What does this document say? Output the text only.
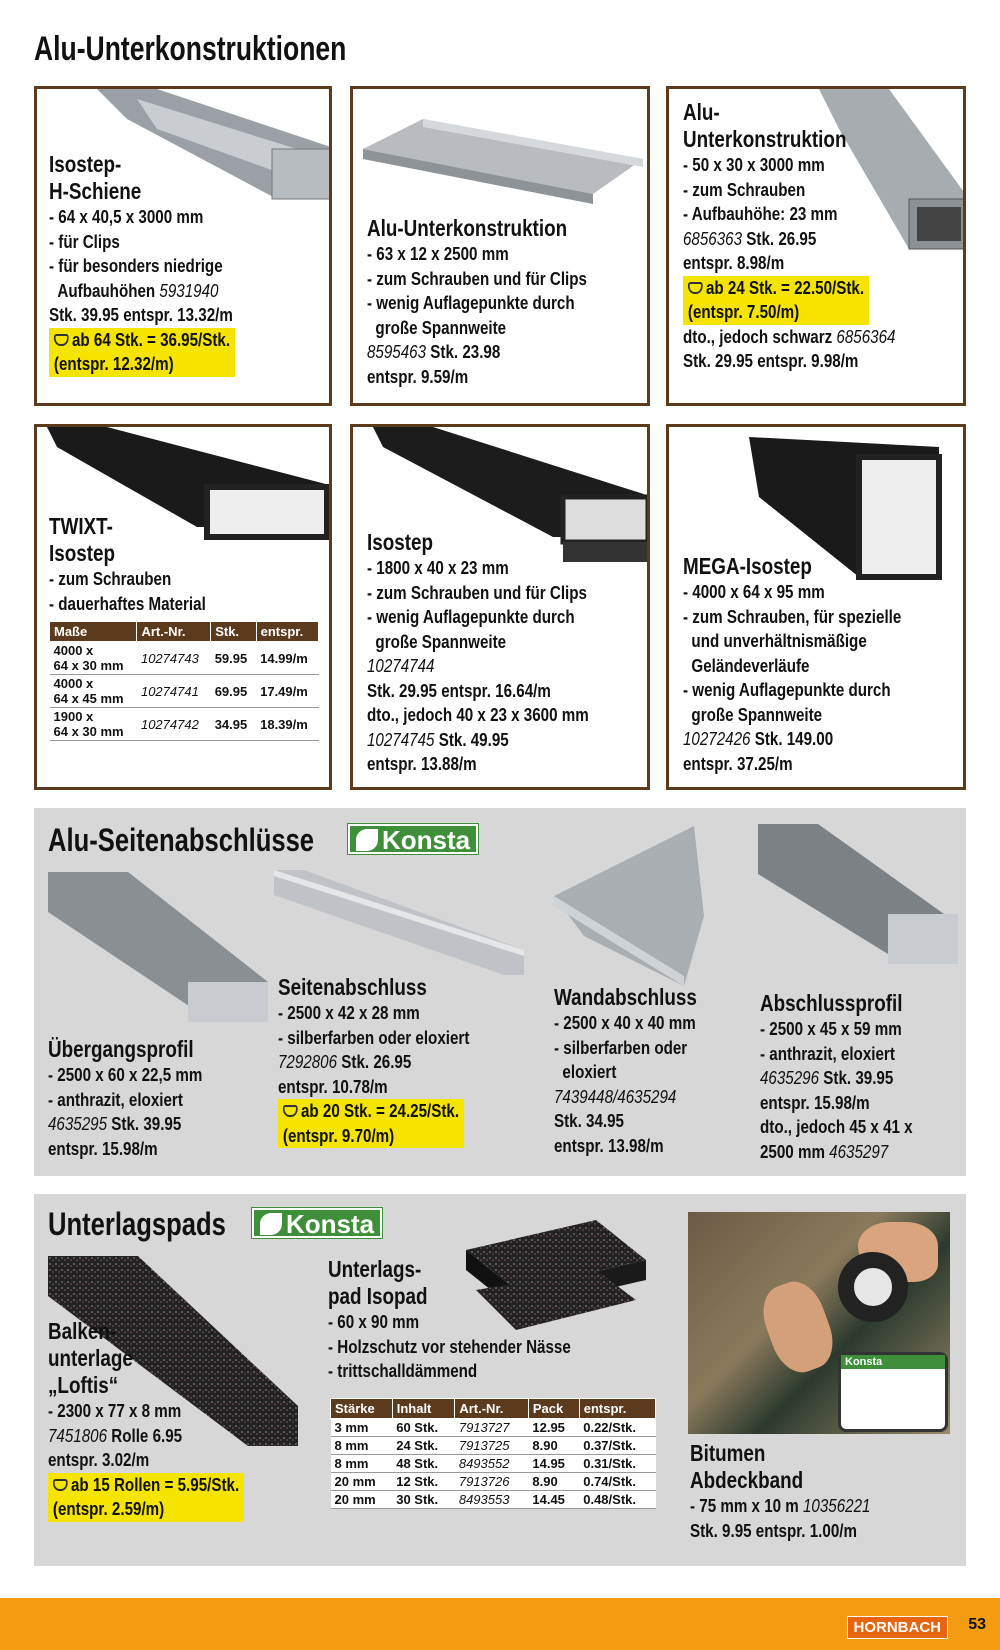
Alu-Unterkonstruktionen
Isostep-
H-Schiene
- 64 x 40,5 x 3000 mm
- für Clips
- für besonders niedrige
Aufbauhöhen 5931940
Stk. 39.95 entspr. 13.32/m
ab 64 Stk. = 36.95/Stk.
(entspr. 12.32/m)
Alu-Unterkonstruktion
- 63 x 12 x 2500 mm
- zum Schrauben und für Clips
- wenig Auflagepunkte durch
große Spannweite
8595463 Stk. 23.98
entspr. 9.59/m
Alu-
Unterkonstruktion
- 50 x 30 x 3000 mm
- zum Schrauben
- Aufbauhöhe: 23 mm
6856363 Stk. 26.95
entspr. 8.98/m
ab 24 Stk. = 22.50/Stk.
(entspr. 7.50/m)
dto., jedoch schwarz 6856364
Stk. 29.95 entspr. 9.98/m
TWIXT-
Isostep
- zum Schrauben
- dauerhaftes Material
Maße	Art.-Nr.	Stk.	entspr.
4000 x
64 x 30 mm	10274743	59.95	14.99/m
4000 x
64 x 45 mm	10274741	69.95	17.49/m
1900 x
64 x 30 mm	10274742	34.95	18.39/m
Isostep
- 1800 x 40 x 23 mm
- zum Schrauben und für Clips
- wenig Auflagepunkte durch
große Spannweite
10274744
Stk. 29.95 entspr. 16.64/m
dto., jedoch 40 x 23 x 3600 mm
10274745 Stk. 49.95
entspr. 13.88/m
MEGA-Isostep
- 4000 x 64 x 95 mm
- zum Schrauben, für spezielle
und unverhältnismäßige
Geländeverläufe
- wenig Auflagepunkte durch
große Spannweite
10272426 Stk. 149.00
entspr. 37.25/m
Alu-Seitenabschlüsse	Konsta
Übergangsprofil
- 2500 x 60 x 22,5 mm
- anthrazit, eloxiert
4635295 Stk. 39.95
entspr. 15.98/m
Seitenabschluss
- 2500 x 42 x 28 mm
- silberfarben oder eloxiert
7292806 Stk. 26.95
entspr. 10.78/m
ab 20 Stk. = 24.25/Stk.
(entspr. 9.70/m)
Wandabschluss
- 2500 x 40 x 40 mm
- silberfarben oder
eloxiert
7439448/4635294
Stk. 34.95
entspr. 13.98/m
Abschlussprofil
- 2500 x 45 x 59 mm
- anthrazit, eloxiert
4635296 Stk. 39.95
entspr. 15.98/m
dto., jedoch 45 x 41 x
2500 mm 4635297
Unterlagspads	Konsta
Balken-
unterlage
„Loftis“
- 2300 x 77 x 8 mm
7451806 Rolle 6.95
entspr. 3.02/m
ab 15 Rollen = 5.95/Stk.
(entspr. 2.59/m)
Unterlags-
pad Isopad
- 60 x 90 mm
- Holzschutz vor stehender Nässe
- trittschalldämmend
Stärke	Inhalt	Art.-Nr.	Pack	entspr.
3 mm	60 Stk.	7913727	12.95	0.22/Stk.
8 mm	24 Stk.	7913725	8.90	0.37/Stk.
8 mm	48 Stk.	8493552	14.95	0.31/Stk.
20 mm	12 Stk.	7913726	8.90	0.74/Stk.
20 mm	30 Stk.	8493553	14.45	0.48/Stk.
Konsta
Bitumen
Abdeckband
- 75 mm x 10 m 10356221
Stk. 9.95 entspr. 1.00/m
HORNBACH	53
